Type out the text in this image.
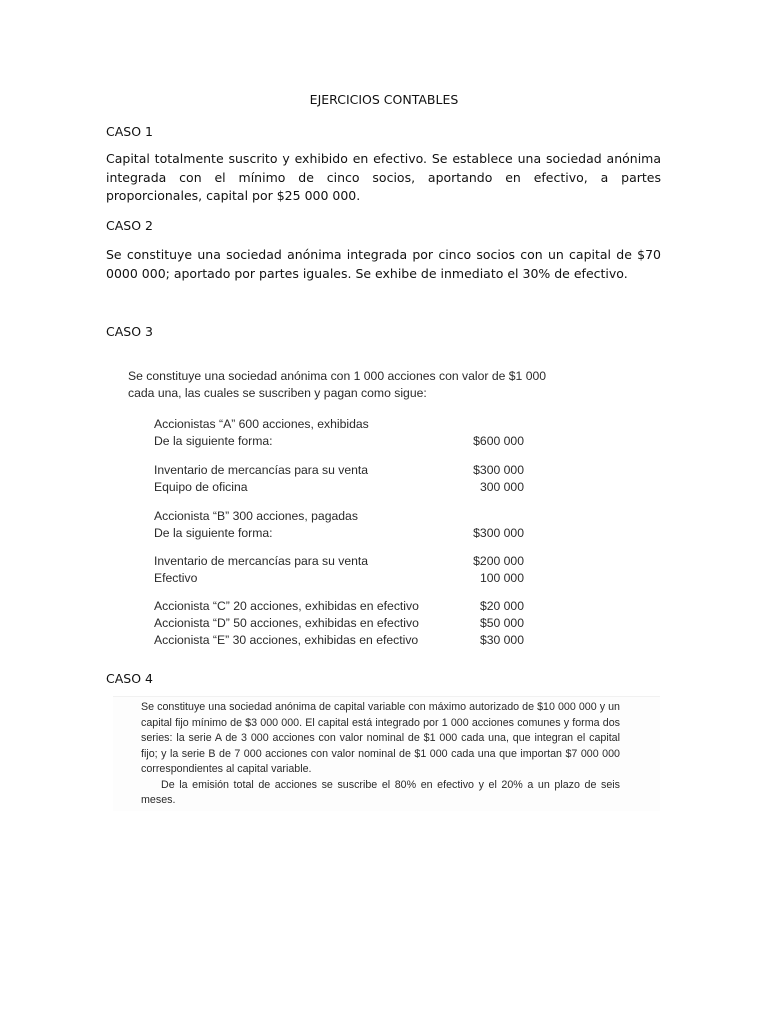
EJERCICIOS CONTABLES
CASO 1
Capital totalmente suscrito y exhibido en efectivo. Se establece una sociedad anónima integrada con el mínimo de cinco socios, aportando en efectivo, a partes proporcionales, capital por $25 000 000.
CASO 2
Se constituye una sociedad anónima integrada por cinco socios con un capital de $70 0000 000; aportado por partes iguales. Se exhibe de inmediato el 30% de efectivo.
CASO 3

Se constituye una sociedad anónima con 1 000 acciones con valor de $1 000 cada una, las cuales se suscriben y pagan como sigue:

Accionistas “A” 600 acciones, exhibidas
De la siguiente forma:	$600 000
Inventario de mercancías para su venta	$300 000
Equipo de oficina	300 000
Accionista “B” 300 acciones, pagadas
De la siguiente forma:	$300 000
Inventario de mercancías para su venta	$200 000
Efectivo	100 000
Accionista “C” 20 acciones, exhibidas en efectivo	$20 000
Accionista “D” 50 acciones, exhibidas en efectivo	$50 000
Accionista “E” 30 acciones, exhibidas en efectivo	$30 000
CASO 4

Se constituye una sociedad anónima de capital variable con máximo autorizado de $10 000 000 y un capital fijo mínimo de $3 000 000. El capital está integrado por 1 000 acciones comunes y forma dos series: la serie A de 3 000 acciones con valor nominal de $1 000 cada una, que integran el capital fijo; y la serie B de 7 000 acciones con valor nominal de $1 000 cada una que importan $7 000 000 correspondientes al capital variable.

De la emisión total de acciones se suscribe el 80% en efectivo y el 20% a un plazo de seis meses.
